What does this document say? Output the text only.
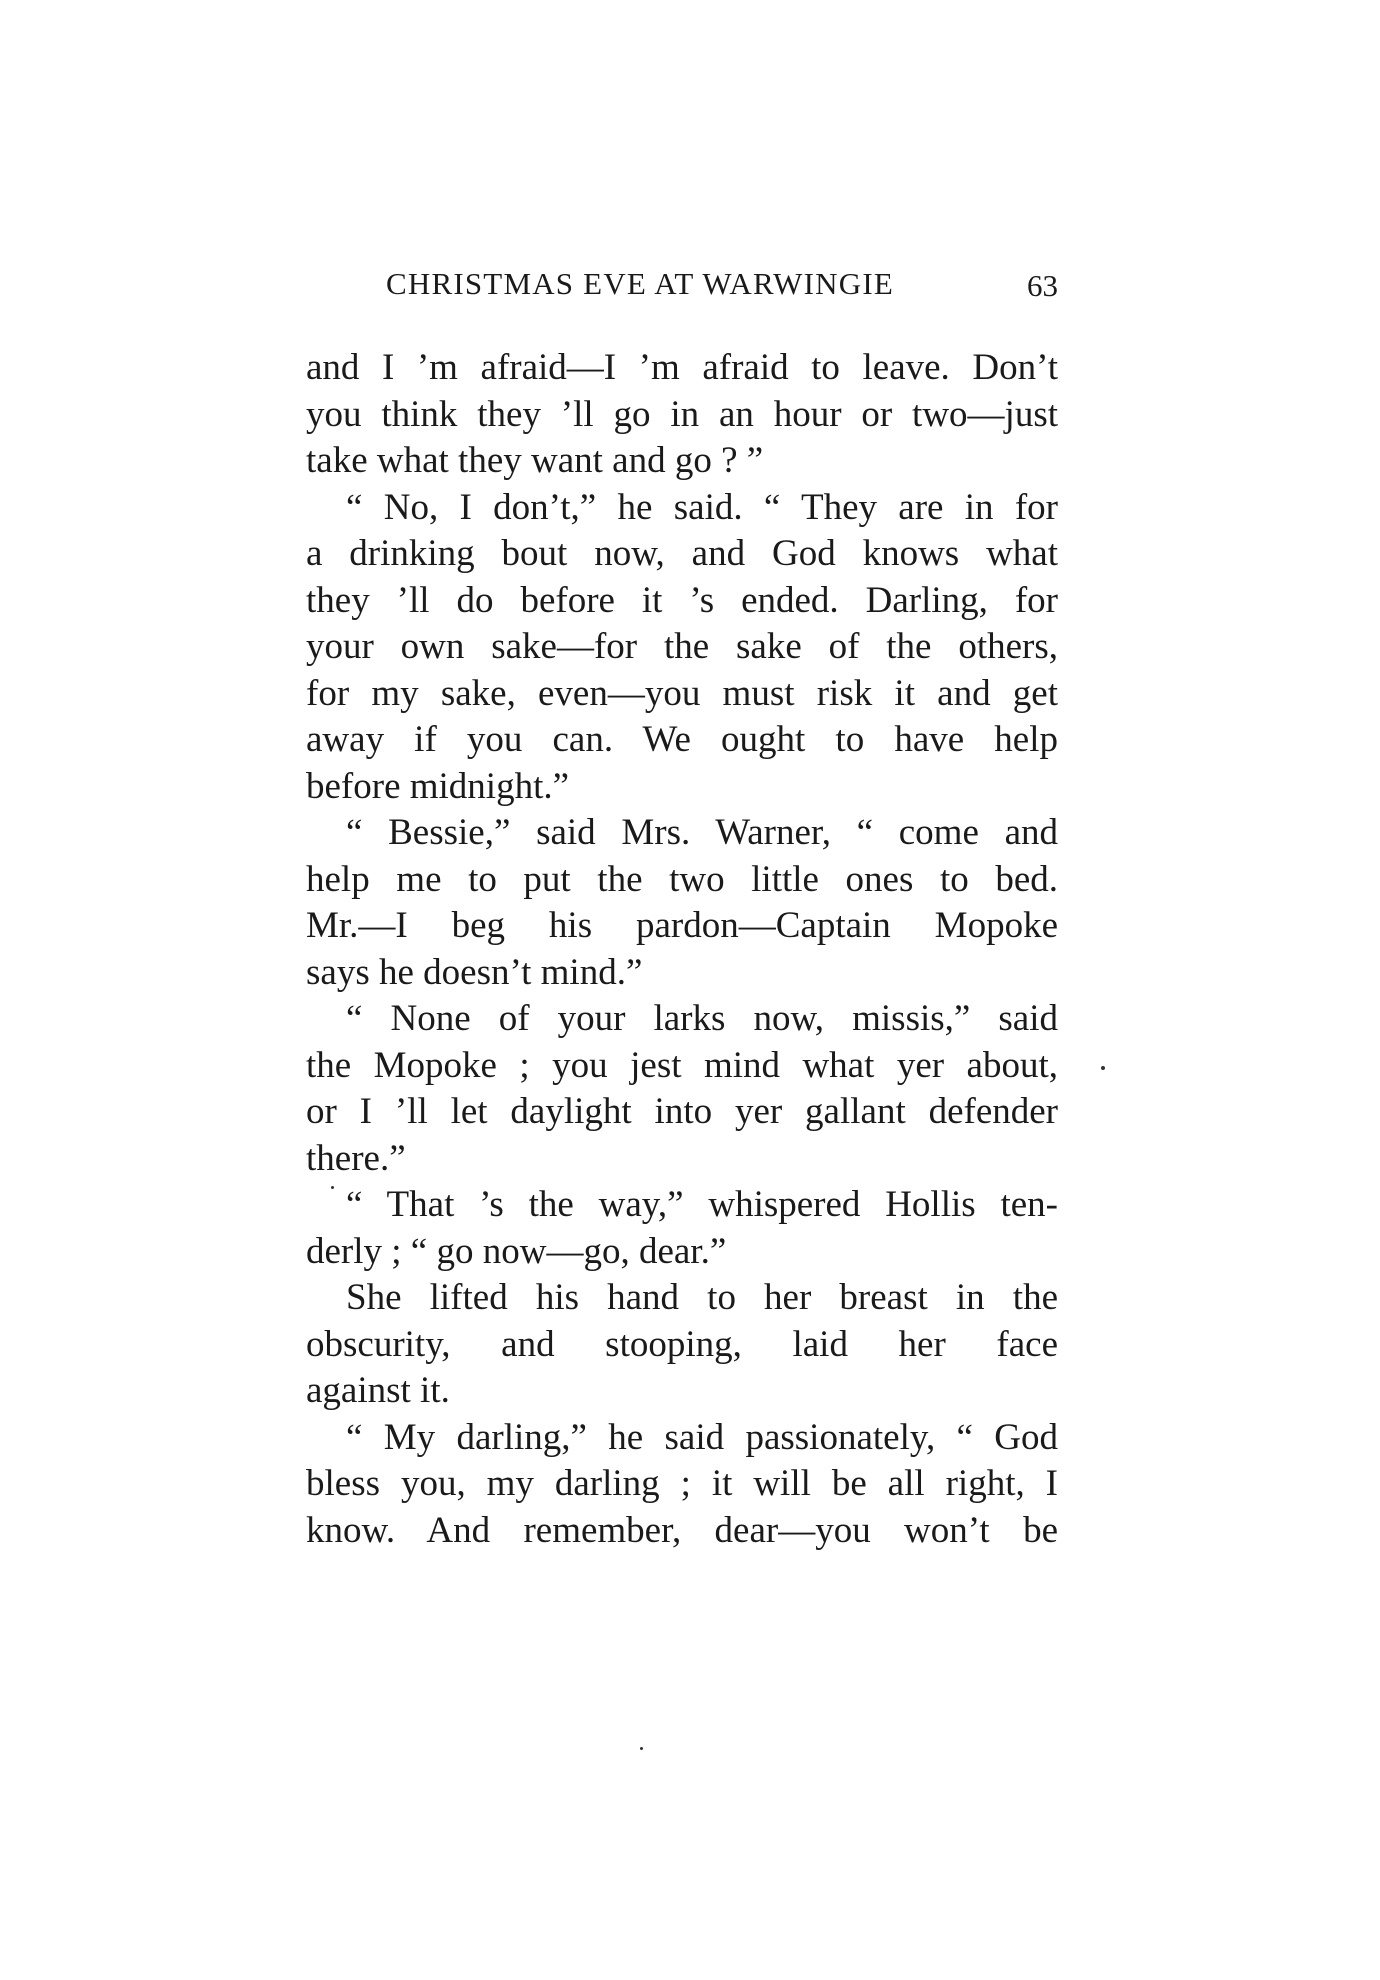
CHRISTMAS EVE AT WARWINGIE	63
and I ’m afraid—I ’m afraid to leave. Don’t
you think they ’ll go in an hour or two—just
take what they want and go ? ”
“ No, I don’t,” he said. “ They are in for
a drinking bout now, and God knows what
they ’ll do before it ’s ended. Darling, for
your own sake—for the sake of the others,
for my sake, even—you must risk it and get
away if you can. We ought to have help
before midnight.”
“ Bessie,” said Mrs. Warner, “ come and
help me to put the two little ones to bed.
Mr.—I beg his pardon—Captain Mopoke
says he doesn’t mind.”
“ None of your larks now, missis,” said
the Mopoke ; you jest mind what yer about,
or I ’ll let daylight into yer gallant defender
there.”
“ That ’s the way,” whispered Hollis ten-
derly ; “ go now—go, dear.”
She lifted his hand to her breast in the
obscurity, and stooping, laid her face
against it.
“ My darling,” he said passionately, “ God
bless you, my darling ; it will be all right, I
know. And remember, dear—you won’t be
